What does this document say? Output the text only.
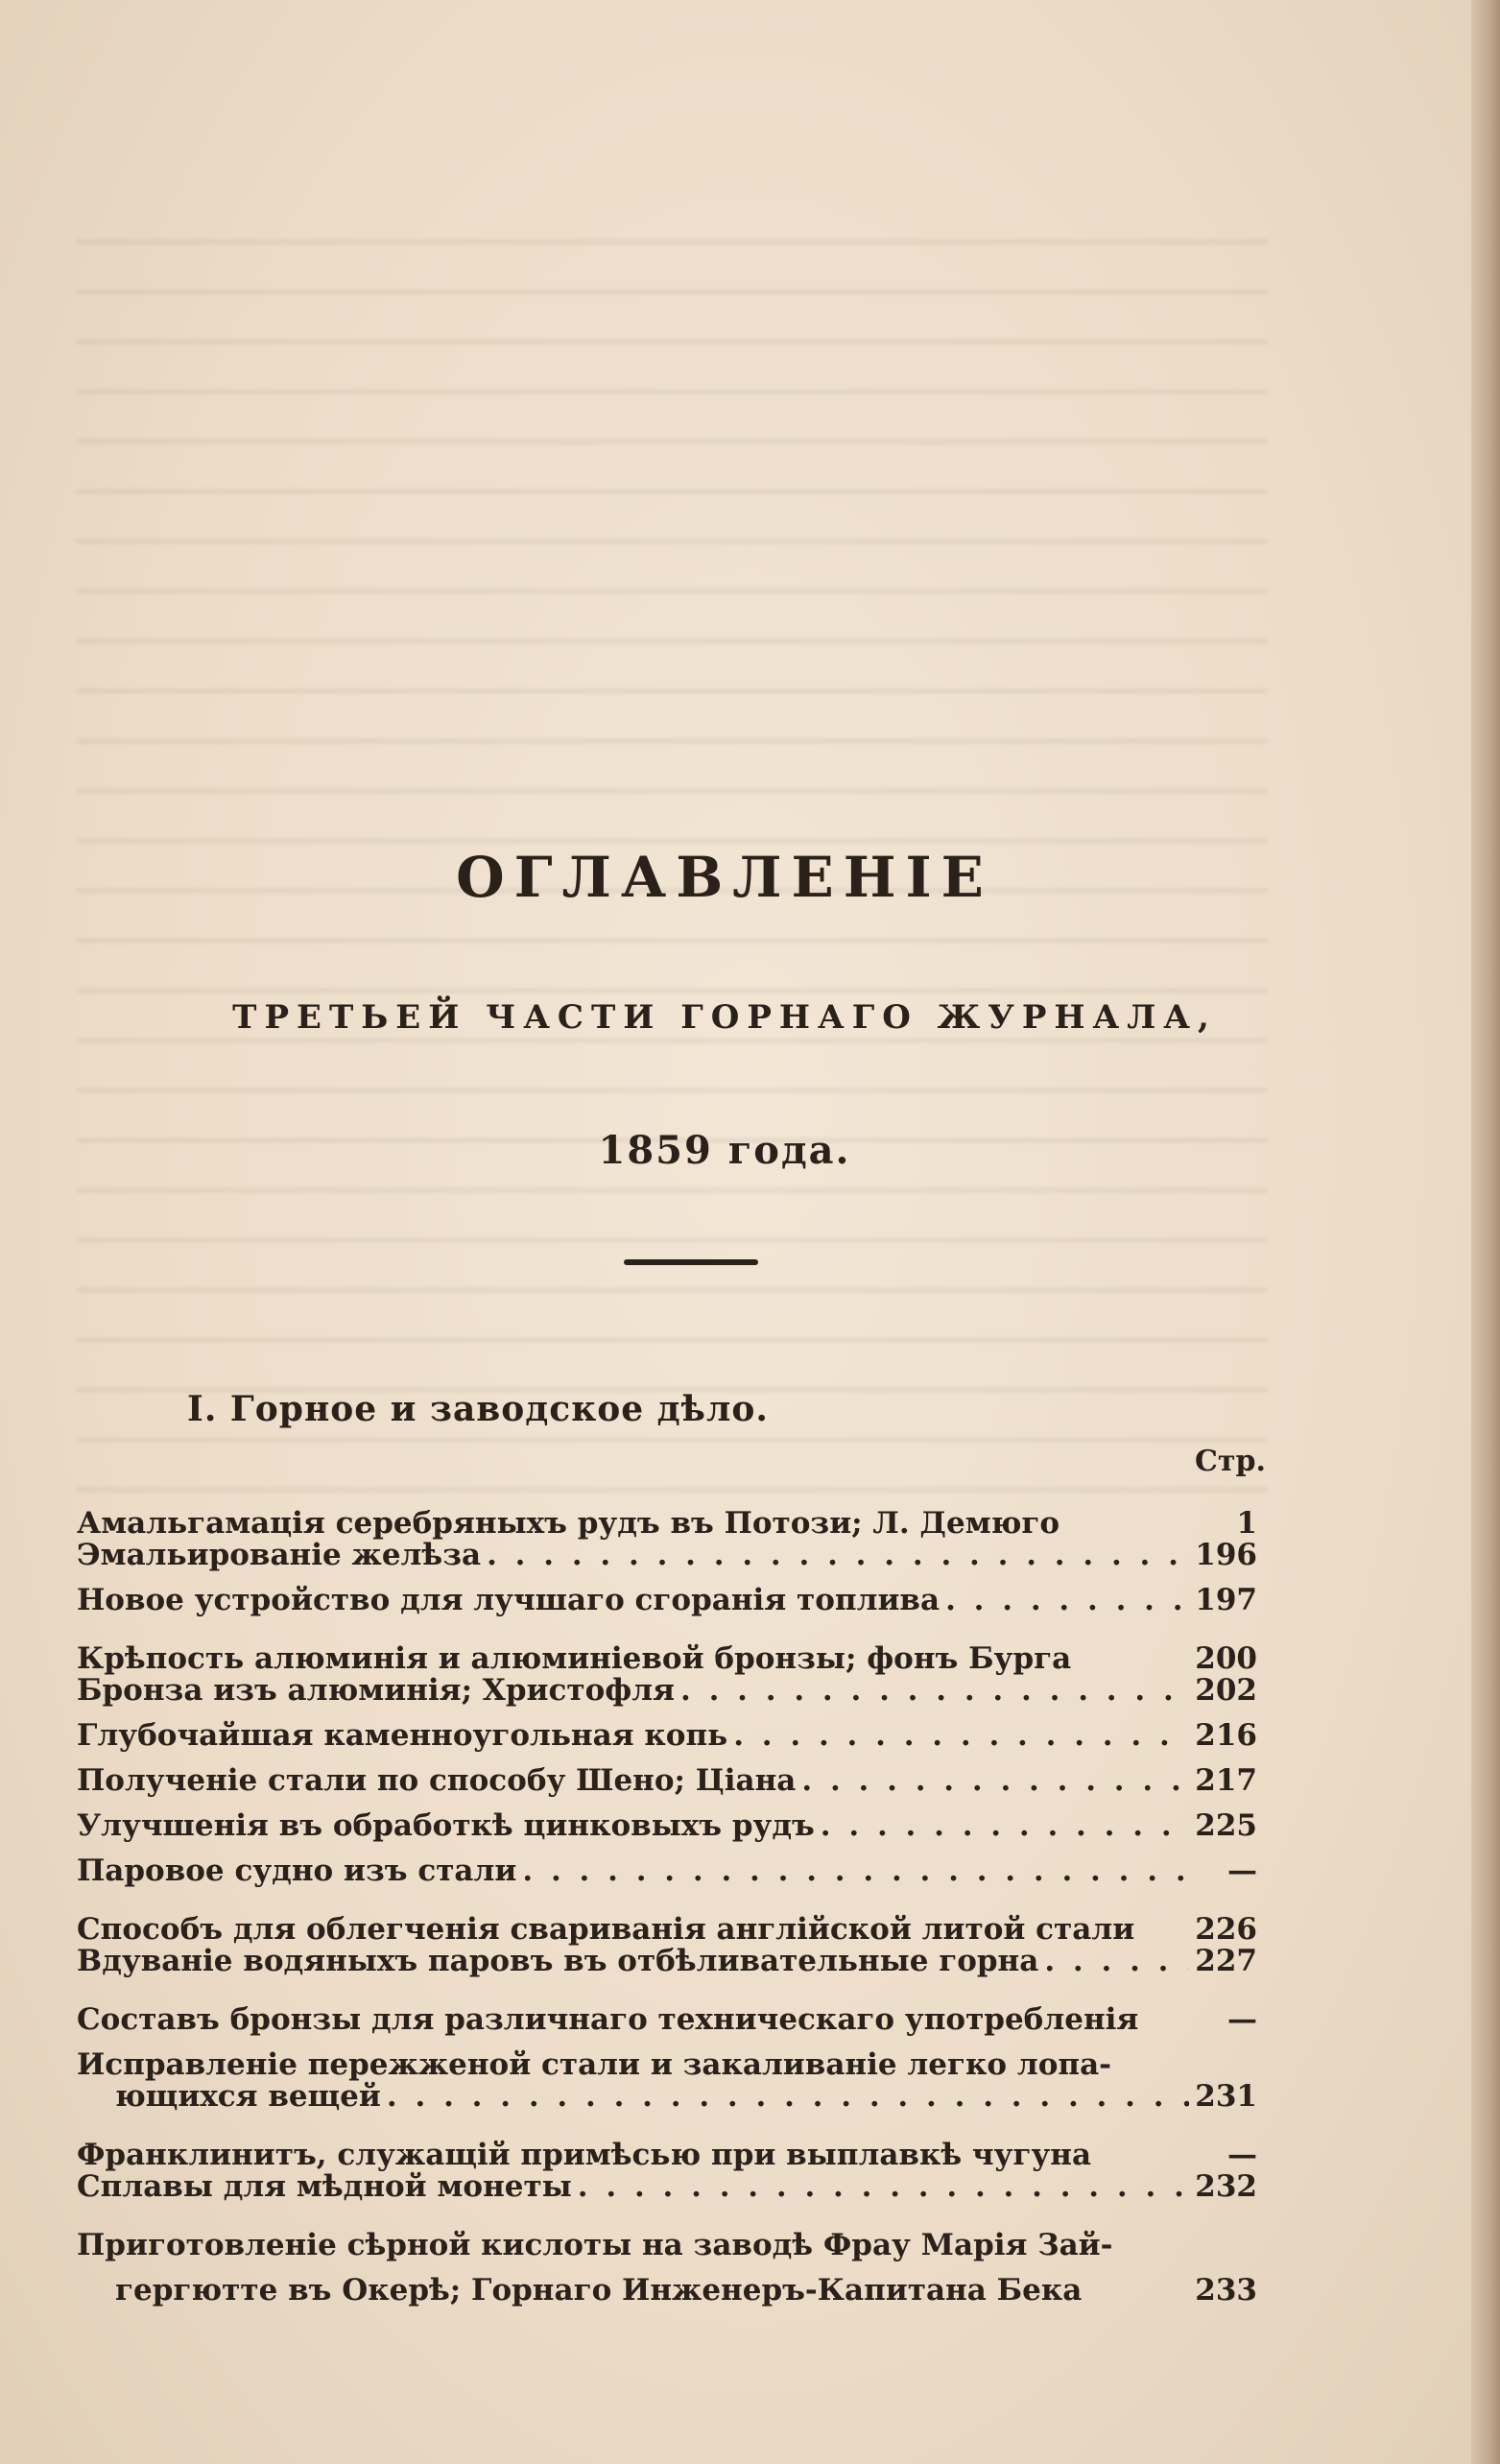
ОГЛАВЛЕНІЕ
ТРЕТЬЕЙ ЧАСТИ ГОРНАГО ЖУРНАЛА,
1859 года.
I. Горное и заводское дѣло.
Стр.
Амальгамація серебряныхъ рудъ въ Потози; Л. Демюго	1
Эмальированіе желѣза . . .	196
Новое устройство для лучшаго сгоранія топлива . . .	197
Крѣпость алюминія и алюминіевой бронзы; фонъ Бурга	200
Бронза изъ алюминія; Христофля . . .	202
Глубочайшая каменноугольная копь . . .	216
Полученіе стали по способу Шено; Ціана . . .	217
Улучшенія въ обработкѣ цинковыхъ рудъ . . .	225
Паровое судно изъ стали . . .	—
Способъ для облегченія свариванія англійской литой стали 226
Вдуваніе водяныхъ паровъ въ отбѣливательные горна . . .	227
Составъ бронзы для различнаго техническаго употребленія	—
Исправленіе пережженой стали и закаливаніе легко лопа-
ющихся вещей . . .	231
Франклинитъ, служащій примѣсью при выплавкѣ чугуна	—
Сплавы для мѣдной монеты . . .	232
Приготовленіе сѣрной кислоты на заводѣ Фрау Марія Зай-
гергютте въ Окерѣ; Горнаго Инженеръ-Капитана Бека	233
